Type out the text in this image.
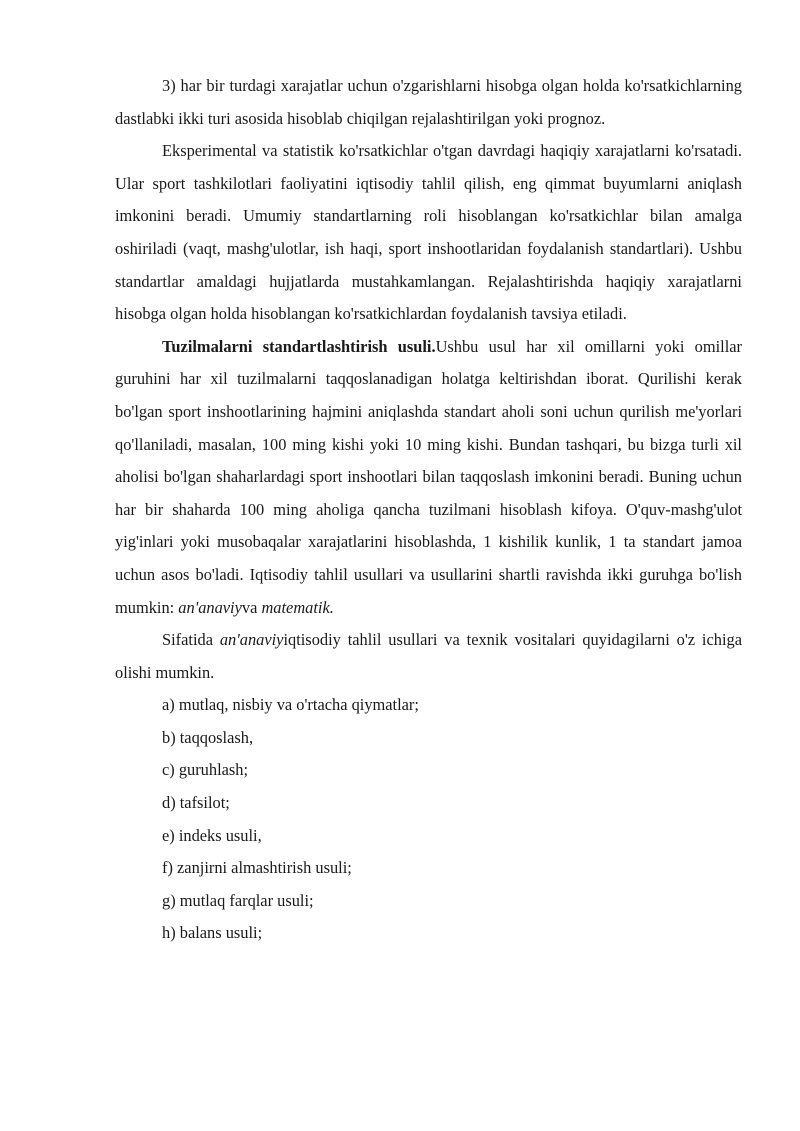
3) har bir turdagi xarajatlar uchun o'zgarishlarni hisobga olgan holda ko'rsatkichlarning dastlabki ikki turi asosida hisoblab chiqilgan rejalashtirilgan yoki prognoz.

Eksperimental va statistik ko'rsatkichlar o'tgan davrdagi haqiqiy xarajatlarni ko'rsatadi. Ular sport tashkilotlari faoliyatini iqtisodiy tahlil qilish, eng qimmat buyumlarni aniqlash imkonini beradi. Umumiy standartlarning roli hisoblangan ko'rsatkichlar bilan amalga oshiriladi (vaqt, mashg'ulotlar, ish haqi, sport inshootlaridan foydalanish standartlari). Ushbu standartlar amaldagi hujjatlarda mustahkamlangan. Rejalashtirishda haqiqiy xarajatlarni hisobga olgan holda hisoblangan ko'rsatkichlardan foydalanish tavsiya etiladi.

Tuzilmalarni standartlashtirish usuli.Ushbu usul har xil omillarni yoki omillar guruhini har xil tuzilmalarni taqqoslanadigan holatga keltirishdan iborat. Qurilishi kerak bo'lgan sport inshootlarining hajmini aniqlashda standart aholi soni uchun qurilish me'yorlari qo'llaniladi, masalan, 100 ming kishi yoki 10 ming kishi. Bundan tashqari, bu bizga turli xil aholisi bo'lgan shaharlardagi sport inshootlari bilan taqqoslash imkonini beradi. Buning uchun har bir shaharda 100 ming aholiga qancha tuzilmani hisoblash kifoya. O'quv-mashg'ulot yig'inlari yoki musobaqalar xarajatlarini hisoblashda, 1 kishilik kunlik, 1 ta standart jamoa uchun asos bo'ladi. Iqtisodiy tahlil usullari va usullarini shartli ravishda ikki guruhga bo'lish mumkin: an'anaviyva matematik.

Sifatida an'anaviyiqtisodiy tahlil usullari va texnik vositalari quyidagilarni o'z ichiga olishi mumkin.

a) mutlaq, nisbiy va o'rtacha qiymatlar;

b) taqqoslash,

c) guruhlash;

d) tafsilot;

e) indeks usuli,

f) zanjirni almashtirish usuli;

g) mutlaq farqlar usuli;

h) balans usuli;
